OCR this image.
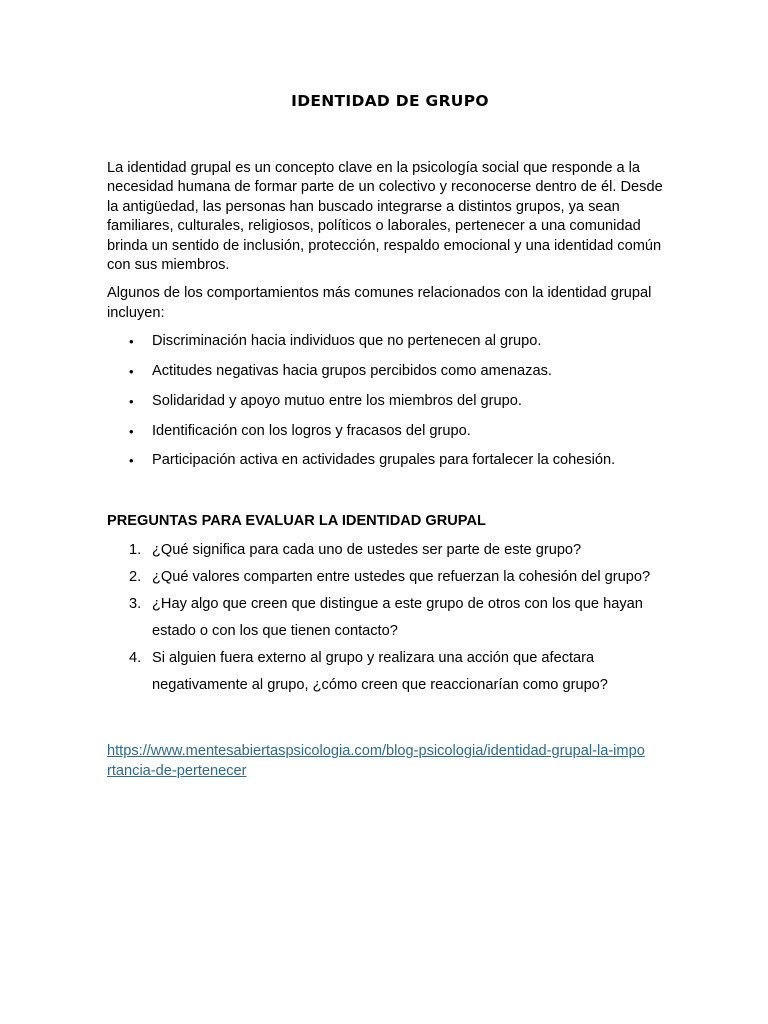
IDENTIDAD DE GRUPO

La identidad grupal es un concepto clave en la psicología social que responde a la necesidad humana de formar parte de un colectivo y reconocerse dentro de él. Desde la antigüedad, las personas han buscado integrarse a distintos grupos, ya sean familiares, culturales, religiosos, políticos o laborales, pertenecer a una comunidad brinda un sentido de inclusión, protección, respaldo emocional y una identidad común con sus miembros.

Algunos de los comportamientos más comunes relacionados con la identidad grupal incluyen:

• Discriminación hacia individuos que no pertenecen al grupo.
• Actitudes negativas hacia grupos percibidos como amenazas.
• Solidaridad y apoyo mutuo entre los miembros del grupo.
• Identificación con los logros y fracasos del grupo.
• Participación activa en actividades grupales para fortalecer la cohesión.
PREGUNTAS PARA EVALUAR LA IDENTIDAD GRUPAL
1. ¿Qué significa para cada uno de ustedes ser parte de este grupo?
2. ¿Qué valores comparten entre ustedes que refuerzan la cohesión del grupo?
3. ¿Hay algo que creen que distingue a este grupo de otros con los que hayan estado o con los que tienen contacto?
4. Si alguien fuera externo al grupo y realizara una acción que afectara negativamente al grupo, ¿cómo creen que reaccionarían como grupo?
https://www.mentesabiertaspsicologia.com/blog-psicologia/identidad-grupal-la-importancia-de-pertenecer
